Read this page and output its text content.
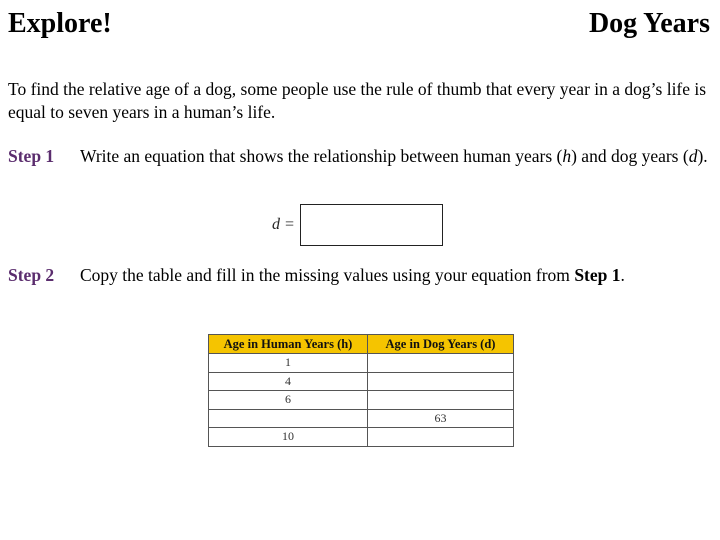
Explore!	Dog Years
To find the relative age of a dog, some people use the rule of thumb that every year in a dog’s life is equal to seven years in a human’s life.
Step 1 Write an equation that shows the relationship between human years (h) and dog years (d).
d =
Step 2 Copy the table and fill in the missing values using your equation from Step 1.
Age in Human Years (h)	Age in Dog Years (d)
1	
4	
6	
	63
10	
